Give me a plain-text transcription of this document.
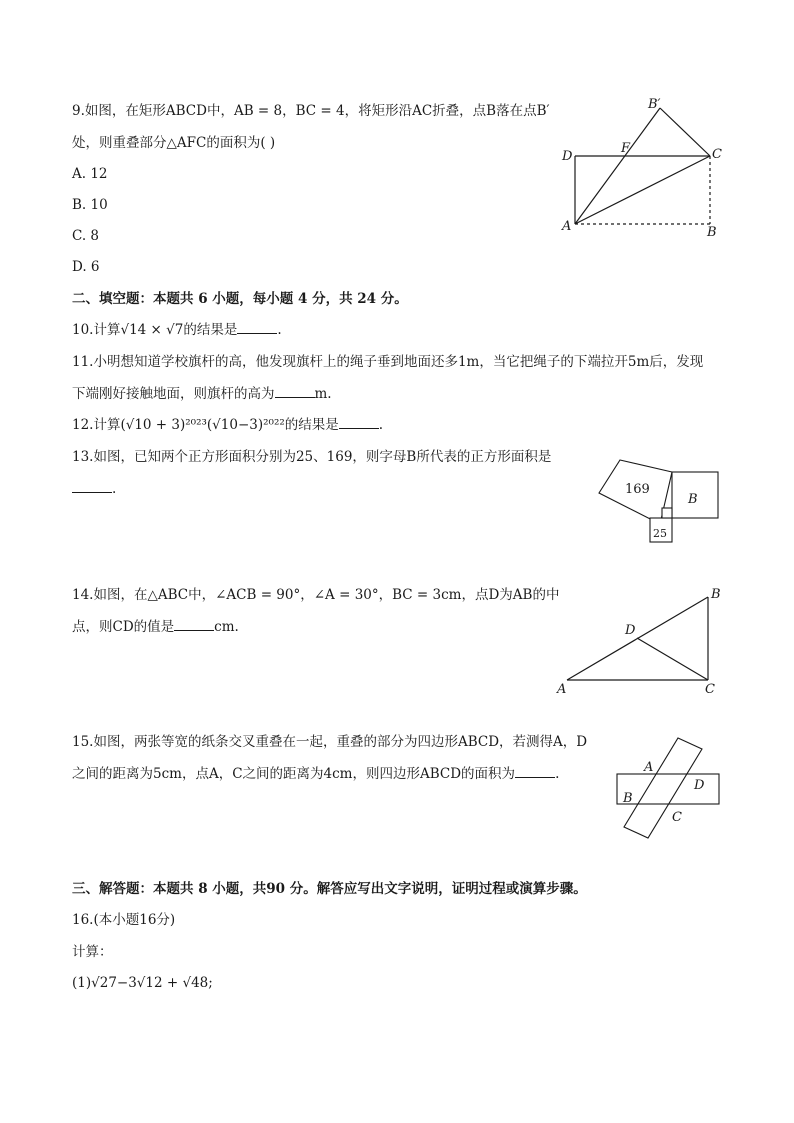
9.如图，在矩形ABCD中，AB = 8，BC = 4，将矩形沿AC折叠，点B落在点B′
处，则重叠部分△AFC的面积为( )
A. 12
B. 10
C. 8
D. 6
B′
D
F	C
A	B
二、填空题：本题共 6 小题，每小题 4 分，共 24 分。
10.计算√14 × √7的结果是	.
11.小明想知道学校旗杆的高，他发现旗杆上的绳子垂到地面还多1m，当它把绳子的下端拉开5m后，发现
下端刚好接触地面，则旗杆的高为	m.
12.计算(√10 + 3)²⁰²³(√10−3)²⁰²²的结果是	.
13.如图，已知两个正方形面积分别为25、169，则字母B所代表的正方形面积是
.	169
B
25
14.如图，在△ABC中，∠ACB = 90°，∠A = 30°，BC = 3cm，点D为AB的中
点，则CD的值是	cm.
B
D
A	C
15.如图，两张等宽的纸条交叉重叠在一起，重叠的部分为四边形ABCD，若测得A，D
之间的距离为5cm，点A，C之间的距离为4cm，则四边形ABCD的面积为	.	A
D
B
C
三、解答题：本题共 8 小题，共90 分。解答应写出文字说明，证明过程或演算步骤。
16.(本小题16分)
计算：
(1)√27−3√12 + √48;
